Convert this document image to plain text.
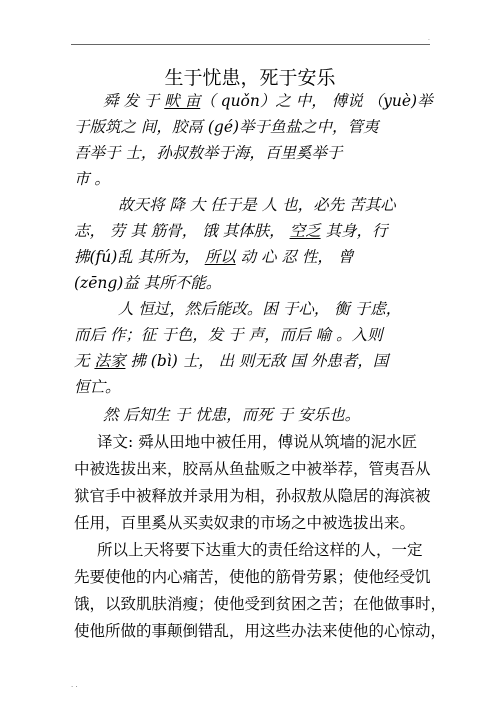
·
生于忧患，死于安乐
舜 发 于 畎 亩（ quǒn）之 中， 傅说 （yuè)举
于版筑之 间，胶鬲 (gé)举于鱼盐之中，管夷
吾举于 士，孙叔敖举于海，百里奚举于
市 。
故天将 降 大 任于是 人 也，必先 苦其心
志， 劳 其 筋骨， 饿 其体肤， 空乏 其身，行
拂(fú)乱 其所为， 所以 动 心 忍 性， 曾
(zēng)益 其所不能。
人 恒过，然后能改。困 于心， 衡 于虑，
而后 作；征 于色，发 于 声，而后 喻 。入则
无 法家 拂 (bì) 士， 出 则无敌 国 外患者，国
恒亡。
然 后知生 于 忧患，而死 于 安乐也。
译文: 舜从田地中被任用，傅说从筑墙的泥水匠
中被选拔出来，胶鬲从鱼盐贩之中被举荐，管夷吾从
狱官手中被释放并录用为相，孙叔敖从隐居的海滨被
任用，百里奚从买卖奴隶的市场之中被选拔出来。
所以上天将要下达重大的责任给这样的人，一定
先要使他的内心痛苦，使他的筋骨劳累；使他经受饥
饿，以致肌肤消瘦；使他受到贫困之苦；在他做事时，
使他所做的事颠倒错乱，用这些办法来使他的心惊动，
· ·
